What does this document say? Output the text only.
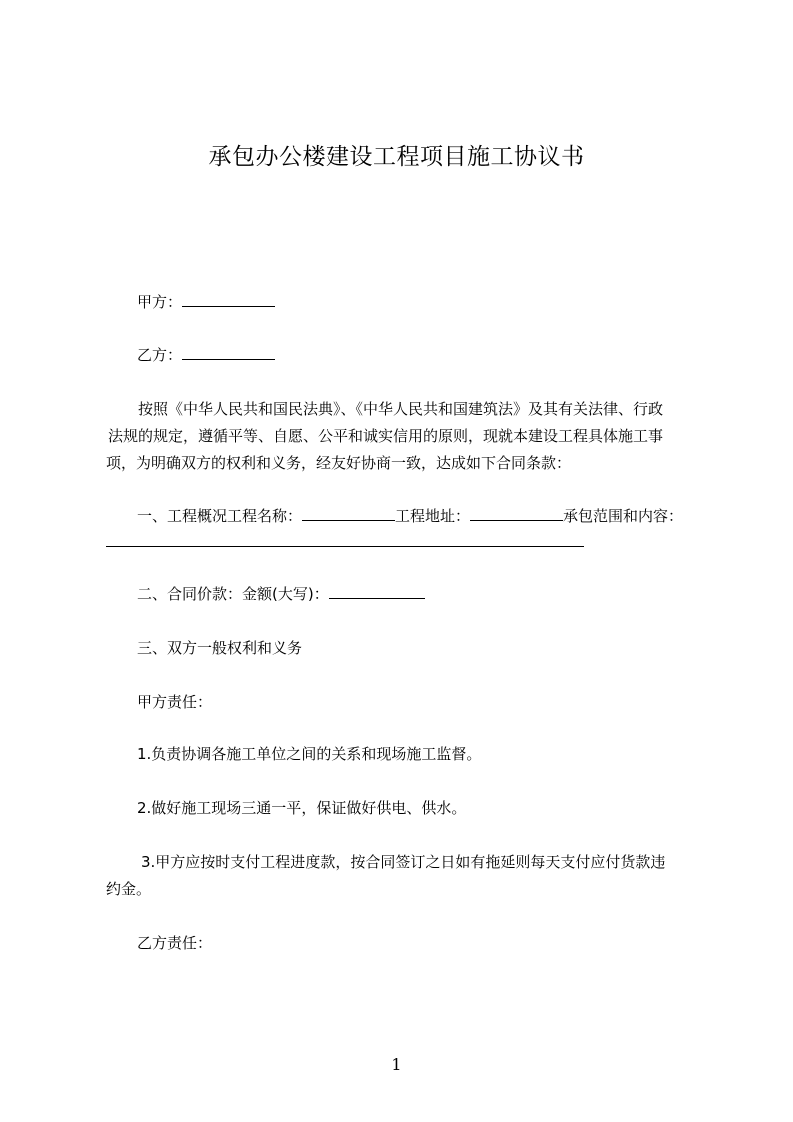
承包办公楼建设工程项目施工协议书
甲方：
乙方：
按照《中华人民共和国民法典》、《中华人民共和国建筑法》及其有关法律、行政
法规的规定，遵循平等、自愿、公平和诚实信用的原则，现就本建设工程具体施工事
项，为明确双方的权利和义务，经友好协商一致，达成如下合同条款：
一、工程概况工程名称：	工程地址：	承包范围和内容：
二、合同价款：金额(大写)：
三、双方一般权利和义务
甲方责任：
1.负责协调各施工单位之间的关系和现场施工监督。
2.做好施工现场三通一平，保证做好供电、供水。
3.甲方应按时支付工程进度款，按合同签订之日如有拖延则每天支付应付货款违
约金。
乙方责任：
1
